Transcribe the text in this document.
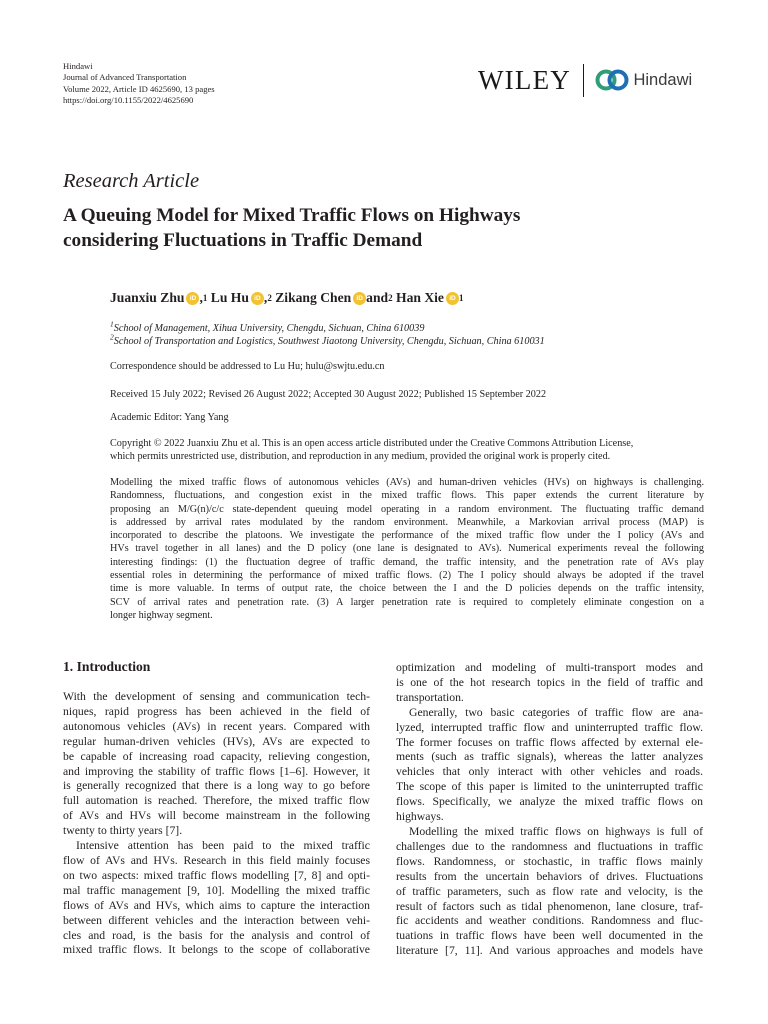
Hindawi
Journal of Advanced Transportation
Volume 2022, Article ID 4625690, 13 pages
https://doi.org/10.1155/2022/4625690
WILEY	Hindawi
Research Article
A Queuing Model for Mixed Traffic Flows on Highways
considering Fluctuations in Traffic Demand
Juanxiu Zhu iD , 1
Lu Hu iD , 2
Zikang Chen iD and 2
Han Xie iD 1
$^1$School of Management, Xihua University, Chengdu, Sichuan, China 610039
$^2$School of Transportation and Logistics, Southwest Jiaotong University, Chengdu, Sichuan, China 610031
Correspondence should be addressed to Lu Hu; hulu@swjtu.edu.cn
Received 15 July 2022; Revised 26 August 2022; Accepted 30 August 2022; Published 15 September 2022
Academic Editor: Yang Yang
Copyright © 2022 Juanxiu Zhu et al. This is an open access article distributed under the Creative Commons Attribution License,
which permits unrestricted use, distribution, and reproduction in any medium, provided the original work is properly cited.
Modelling the mixed traffic flows of autonomous vehicles (AVs) and human-driven vehicles (HVs) on highways is challenging.
Randomness, fluctuations, and congestion exist in the mixed traffic flows. This paper extends the current literature by
proposing an M/G(n)/c/c state-dependent queuing model operating in a random environment. The fluctuating traffic demand
is addressed by arrival rates modulated by the random environment. Meanwhile, a Markovian arrival process (MAP) is
incorporated to describe the platoons. We investigate the performance of the mixed traffic flow under the I policy (AVs and
HVs travel together in all lanes) and the D policy (one lane is designated to AVs). Numerical experiments reveal the following
interesting findings: (1) the fluctuation degree of traffic demand, the traffic intensity, and the penetration rate of AVs play
essential roles in determining the performance of mixed traffic flows. (2) The I policy should always be adopted if the travel
time is more valuable. In terms of output rate, the choice between the I and the D policies depends on the traffic intensity,
SCV of arrival rates and penetration rate. (3) A larger penetration rate is required to completely eliminate congestion on a
longer highway segment.
1. Introduction
With the development of sensing and communication tech-
niques, rapid progress has been achieved in the field of
autonomous vehicles (AVs) in recent years. Compared with
regular human-driven vehicles (HVs), AVs are expected to
be capable of increasing road capacity, relieving congestion,
and improving the stability of traffic flows [1–6]. However, it
is generally recognized that there is a long way to go before
full automation is reached. Therefore, the mixed traffic flow
of AVs and HVs will become mainstream in the following
twenty to thirty years [7].
Intensive attention has been paid to the mixed traffic
flow of AVs and HVs. Research in this field mainly focuses
on two aspects: mixed traffic flows modelling [7, 8] and opti-
mal traffic management [9, 10]. Modelling the mixed traffic
flows of AVs and HVs, which aims to capture the interaction
between different vehicles and the interaction between vehi-
cles and road, is the basis for the analysis and control of
mixed traffic flows. It belongs to the scope of collaborative
optimization and modeling of multi-transport modes and
is one of the hot research topics in the field of traffic and
transportation.
Generally, two basic categories of traffic flow are ana-
lyzed, interrupted traffic flow and uninterrupted traffic flow.
The former focuses on traffic flows affected by external ele-
ments (such as traffic signals), whereas the latter analyzes
vehicles that only interact with other vehicles and roads.
The scope of this paper is limited to the uninterrupted traffic
flows. Specifically, we analyze the mixed traffic flows on
highways.
Modelling the mixed traffic flows on highways is full of
challenges due to the randomness and fluctuations in traffic
flows. Randomness, or stochastic, in traffic flows mainly
results from the uncertain behaviors of drives. Fluctuations
of traffic parameters, such as flow rate and velocity, is the
result of factors such as tidal phenomenon, lane closure, traf-
fic accidents and weather conditions. Randomness and fluc-
tuations in traffic flows have been well documented in the
literature [7, 11]. And various approaches and models have
